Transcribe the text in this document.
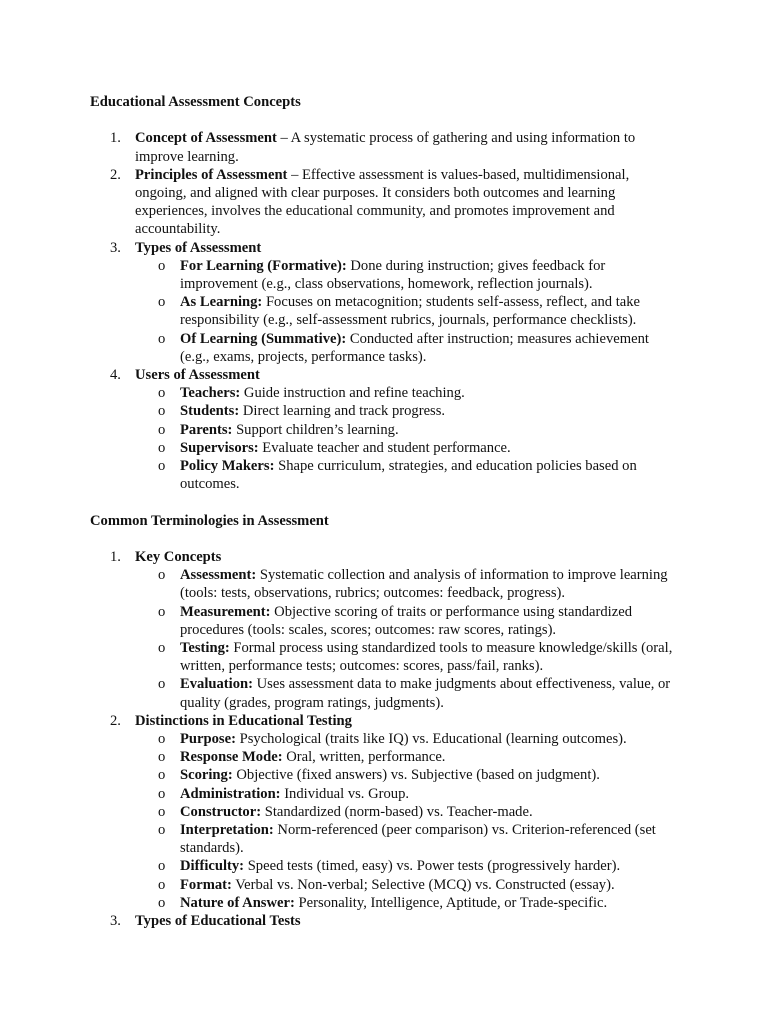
Educational Assessment Concepts

1. Concept of Assessment – A systematic process of gathering and using information to improve learning.
2. Principles of Assessment – Effective assessment is values-based, multidimensional, ongoing, and aligned with clear purposes. It considers both outcomes and learning experiences, involves the educational community, and promotes improvement and accountability.
3. Types of Assessment
o For Learning (Formative): Done during instruction; gives feedback for improvement (e.g., class observations, homework, reflection journals).
o As Learning: Focuses on metacognition; students self-assess, reflect, and take responsibility (e.g., self-assessment rubrics, journals, performance checklists).
o Of Learning (Summative): Conducted after instruction; measures achievement (e.g., exams, projects, performance tasks).
4. Users of Assessment
o Teachers: Guide instruction and refine teaching.
o Students: Direct learning and track progress.
o Parents: Support children’s learning.
o Supervisors: Evaluate teacher and student performance.
o Policy Makers: Shape curriculum, strategies, and education policies based on outcomes.

Common Terminologies in Assessment

1. Key Concepts
o Assessment: Systematic collection and analysis of information to improve learning (tools: tests, observations, rubrics; outcomes: feedback, progress).
o Measurement: Objective scoring of traits or performance using standardized procedures (tools: scales, scores; outcomes: raw scores, ratings).
o Testing: Formal process using standardized tools to measure knowledge/skills (oral, written, performance tests; outcomes: scores, pass/fail, ranks).
o Evaluation: Uses assessment data to make judgments about effectiveness, value, or quality (grades, program ratings, judgments).
2. Distinctions in Educational Testing
o Purpose: Psychological (traits like IQ) vs. Educational (learning outcomes).
o Response Mode: Oral, written, performance.
o Scoring: Objective (fixed answers) vs. Subjective (based on judgment).
o Administration: Individual vs. Group.
o Constructor: Standardized (norm-based) vs. Teacher-made.
o Interpretation: Norm-referenced (peer comparison) vs. Criterion-referenced (set standards).
o Difficulty: Speed tests (timed, easy) vs. Power tests (progressively harder).
o Format: Verbal vs. Non-verbal; Selective (MCQ) vs. Constructed (essay).
o Nature of Answer: Personality, Intelligence, Aptitude, or Trade-specific.
3. Types of Educational Tests
